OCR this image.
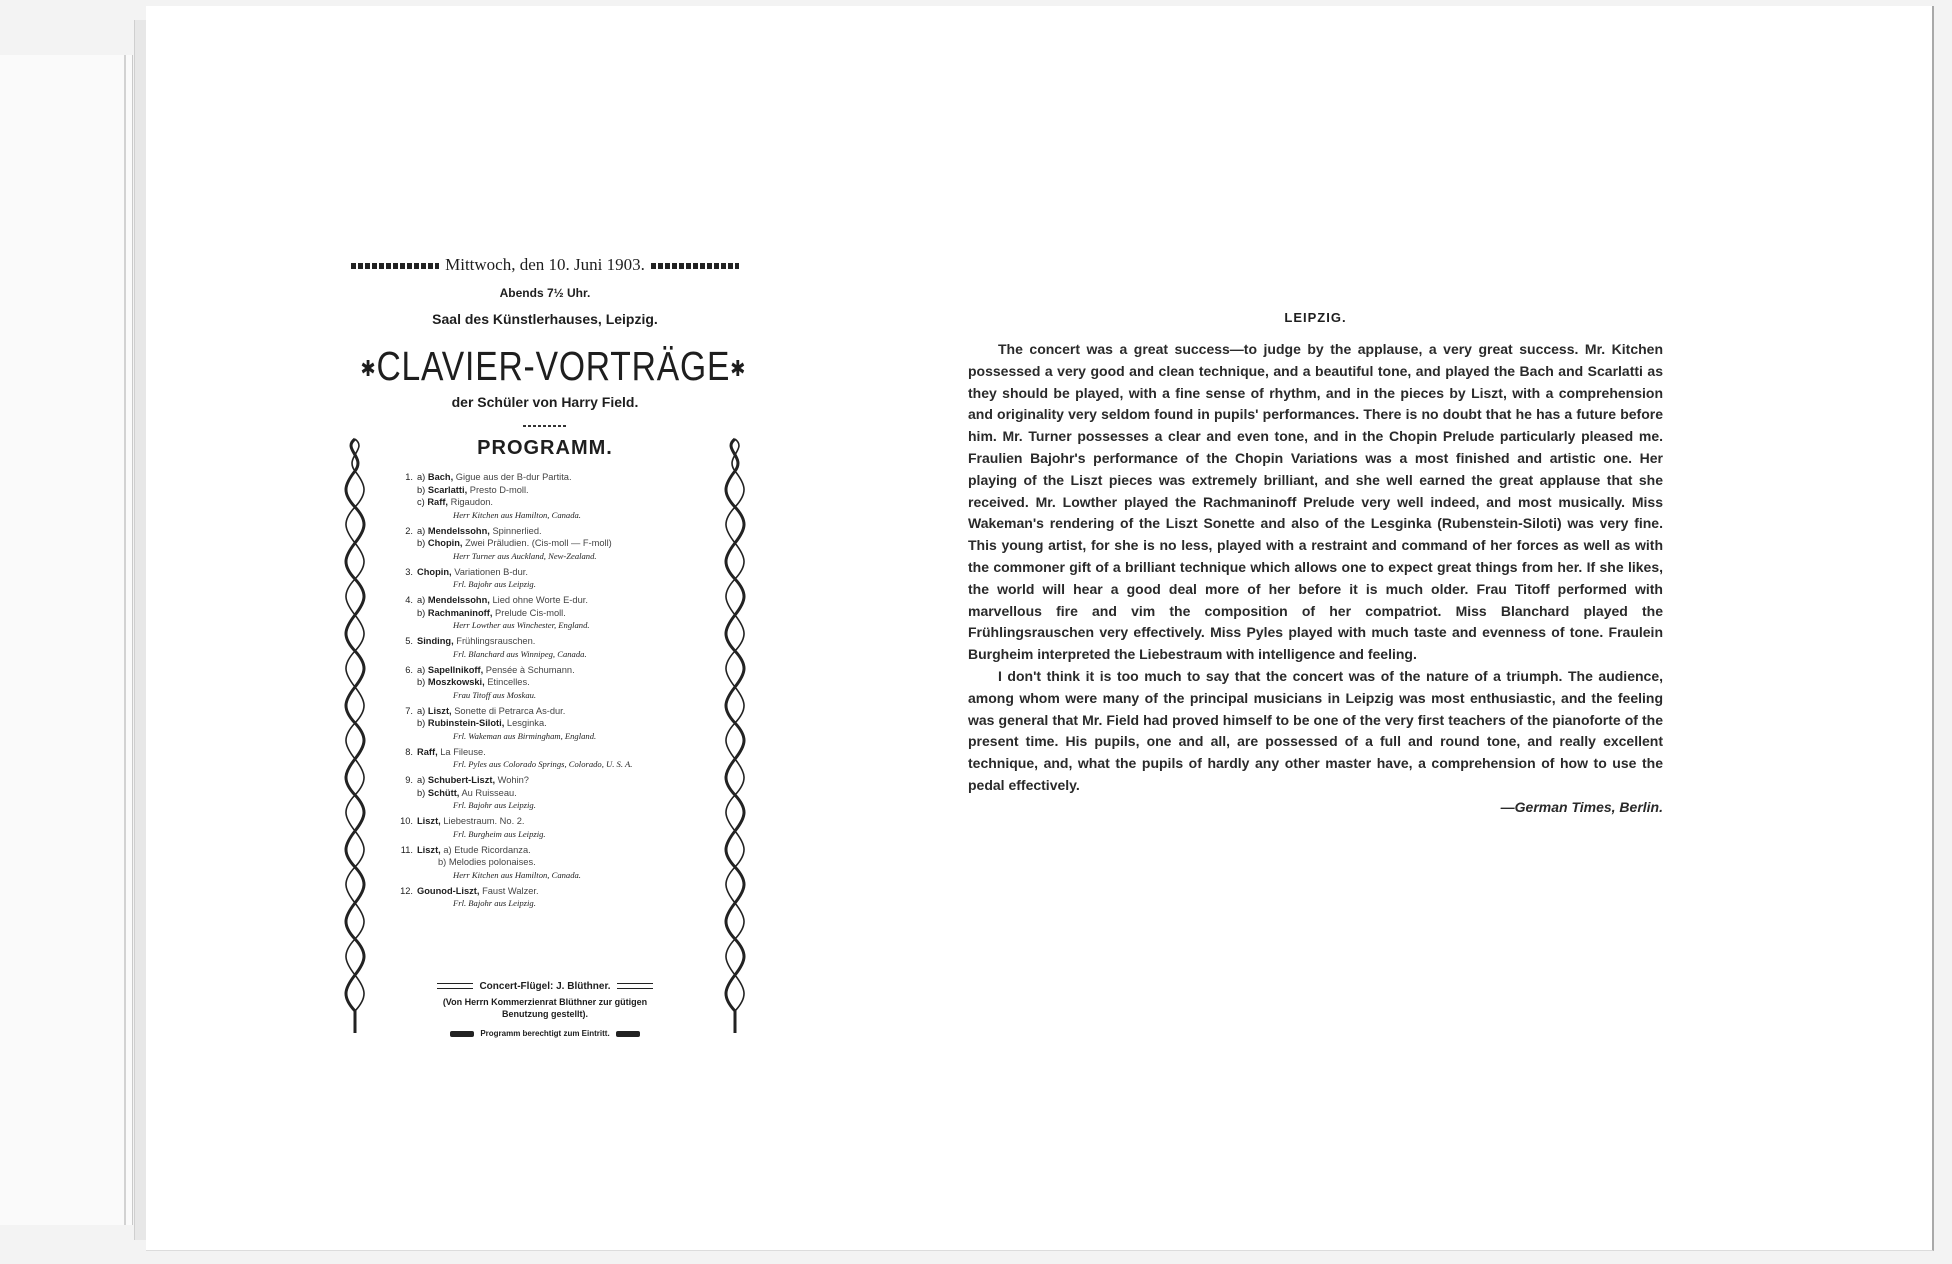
Mittwoch, den 10. Juni 1903.
Abends 7½ Uhr.
Saal des Künstlerhauses, Leipzig.
✱CLAVIER-VORTRÄGE✱
der Schüler von Harry Field.
PROGRAMM.
1. a) Bach, Gigue aus der B-dur Partita.
b) Scarlatti, Presto D-moll.
c) Raff, Rigaudon.
Herr Kitchen aus Hamilton, Canada.
2. a) Mendelssohn, Spinnerlied.
b) Chopin, Zwei Präludien. (Cis-moll — F-moll)
Herr Turner aus Auckland, New-Zealand.
3. Chopin, Variationen B-dur.
Frl. Bajohr aus Leipzig.
4. a) Mendelssohn, Lied ohne Worte E-dur.
b) Rachmaninoff, Prelude Cis-moll.
Herr Lowther aus Winchester, England.
5. Sinding, Frühlingsrauschen.
Frl. Blanchard aus Winnipeg, Canada.
6. a) Sapellnikoff, Pensée à Schumann.
b) Moszkowski, Etincelles.
Frau Titoff aus Moskau.
7. a) Liszt, Sonette di Petrarca As-dur.
b) Rubinstein-Siloti, Lesginka.
Frl. Wakeman aus Birmingham, England.
8. Raff, La Fileuse.
Frl. Pyles aus Colorado Springs, Colorado, U. S. A.
9. a) Schubert-Liszt, Wohin?
b) Schütt, Au Ruisseau.
Frl. Bajohr aus Leipzig.
10. Liszt, Liebestraum. No. 2.
Frl. Burgheim aus Leipzig.
11. Liszt, a) Etude Ricordanza.
b) Melodies polonaises.
Herr Kitchen aus Hamilton, Canada.
12. Gounod-Liszt, Faust Walzer.
Frl. Bajohr aus Leipzig.
Concert-Flügel: J. Blüthner.
(Von Herrn Kommerzienrat Blüthner zur gütigen
Benutzung gestellt).
Programm berechtigt zum Eintritt.
LEIPZIG.

The concert was a great success—to judge by the applause, a very great success. Mr. Kitchen possessed a very good and clean technique, and a beautiful tone, and played the Bach and Scarlatti as they should be played, with a fine sense of rhythm, and in the pieces by Liszt, with a comprehension and originality very seldom found in pupils' performances. There is no doubt that he has a future before him. Mr. Turner possesses a clear and even tone, and in the Chopin Prelude particularly pleased me. Fraulien Bajohr's performance of the Chopin Variations was a most finished and artistic one. Her playing of the Liszt pieces was extremely brilliant, and she well earned the great applause that she received. Mr. Lowther played the Rachmaninoff Prelude very well indeed, and most musically. Miss Wakeman's rendering of the Liszt Sonette and also of the Lesginka (Rubenstein-Siloti) was very fine. This young artist, for she is no less, played with a restraint and command of her forces as well as with the commoner gift of a brilliant technique which allows one to expect great things from her. If she likes, the world will hear a good deal more of her before it is much older. Frau Titoff performed with marvellous fire and vim the composition of her compatriot. Miss Blanchard played the Frühlingsrauschen very effectively. Miss Pyles played with much taste and evenness of tone. Fraulein Burgheim interpreted the Liebestraum with intelligence and feeling.

I don't think it is too much to say that the concert was of the nature of a triumph. The audience, among whom were many of the principal musicians in Leipzig was most enthusiastic, and the feeling was general that Mr. Field had proved himself to be one of the very first teachers of the pianoforte of the present time. His pupils, one and all, are possessed of a full and round tone, and really excellent technique, and, what the pupils of hardly any other master have, a comprehension of how to use the pedal effectively.

—German Times, Berlin.
